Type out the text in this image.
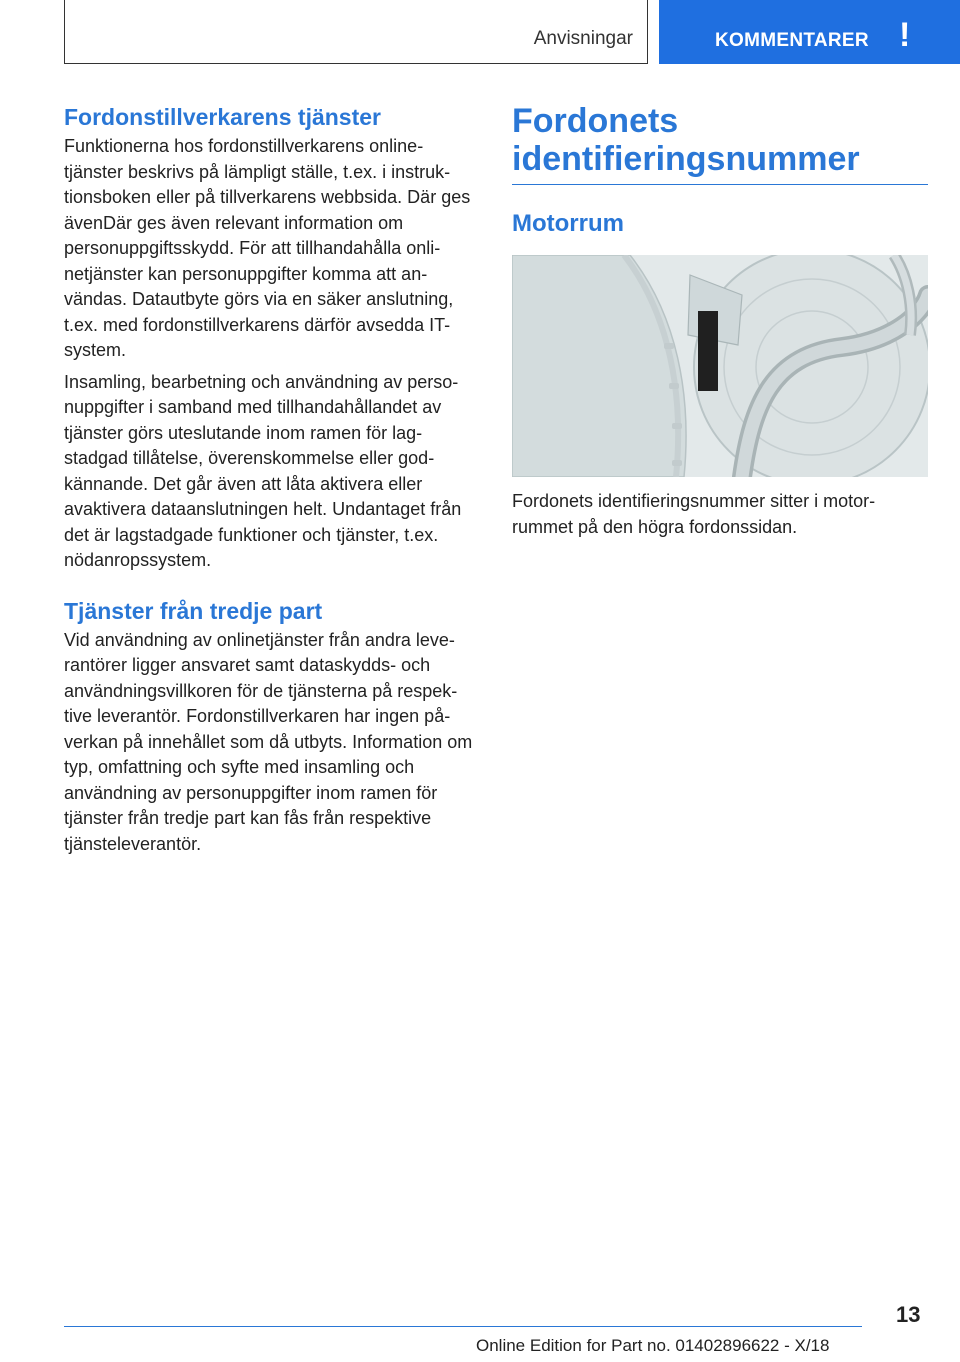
Anvisningar	KOMMENTARER !
Fordonstillverkarens tjänster

Funktionerna hos fordonstillverkarens online-tjänster beskrivs på lämpligt ställe, t.ex. i instruk-tionsboken eller på tillverkarens webbsida. Där ges ävenDär ges även relevant information om personuppgiftsskydd. För att tillhandahålla onli-netjänster kan personuppgifter komma att an-vändas. Datautbyte görs via en säker anslutning, t.ex. med fordonstillverkarens därför avsedda IT-system.

Insamling, bearbetning och användning av perso-nuppgifter i samband med tillhandahållandet av tjänster görs uteslutande inom ramen för lag-stadgad tillåtelse, överenskommelse eller god-kännande. Det går även att låta aktivera eller avaktivera dataanslutningen helt. Undantaget från det är lagstadgade funktioner och tjänster, t.ex. nödanropssystem.

Tjänster från tredje part

Vid användning av onlinetjänster från andra leve-rantörer ligger ansvaret samt dataskydds- och användningsvillkoren för de tjänsterna på respek-tive leverantör. Fordonstillverkaren har ingen på-verkan på innehållet som då utbyts. Information om typ, omfattning och syfte med insamling och användning av personuppgifter inom ramen för tjänster från tredje part kan fås från respektive tjänsteleverantör.

Fordonets identifieringsnummer
Motorrum

Fordonets identifieringsnummer sitter i motor-rummet på den högra fordonssidan.

13
Online Edition for Part no. 01402896622 - X/18
